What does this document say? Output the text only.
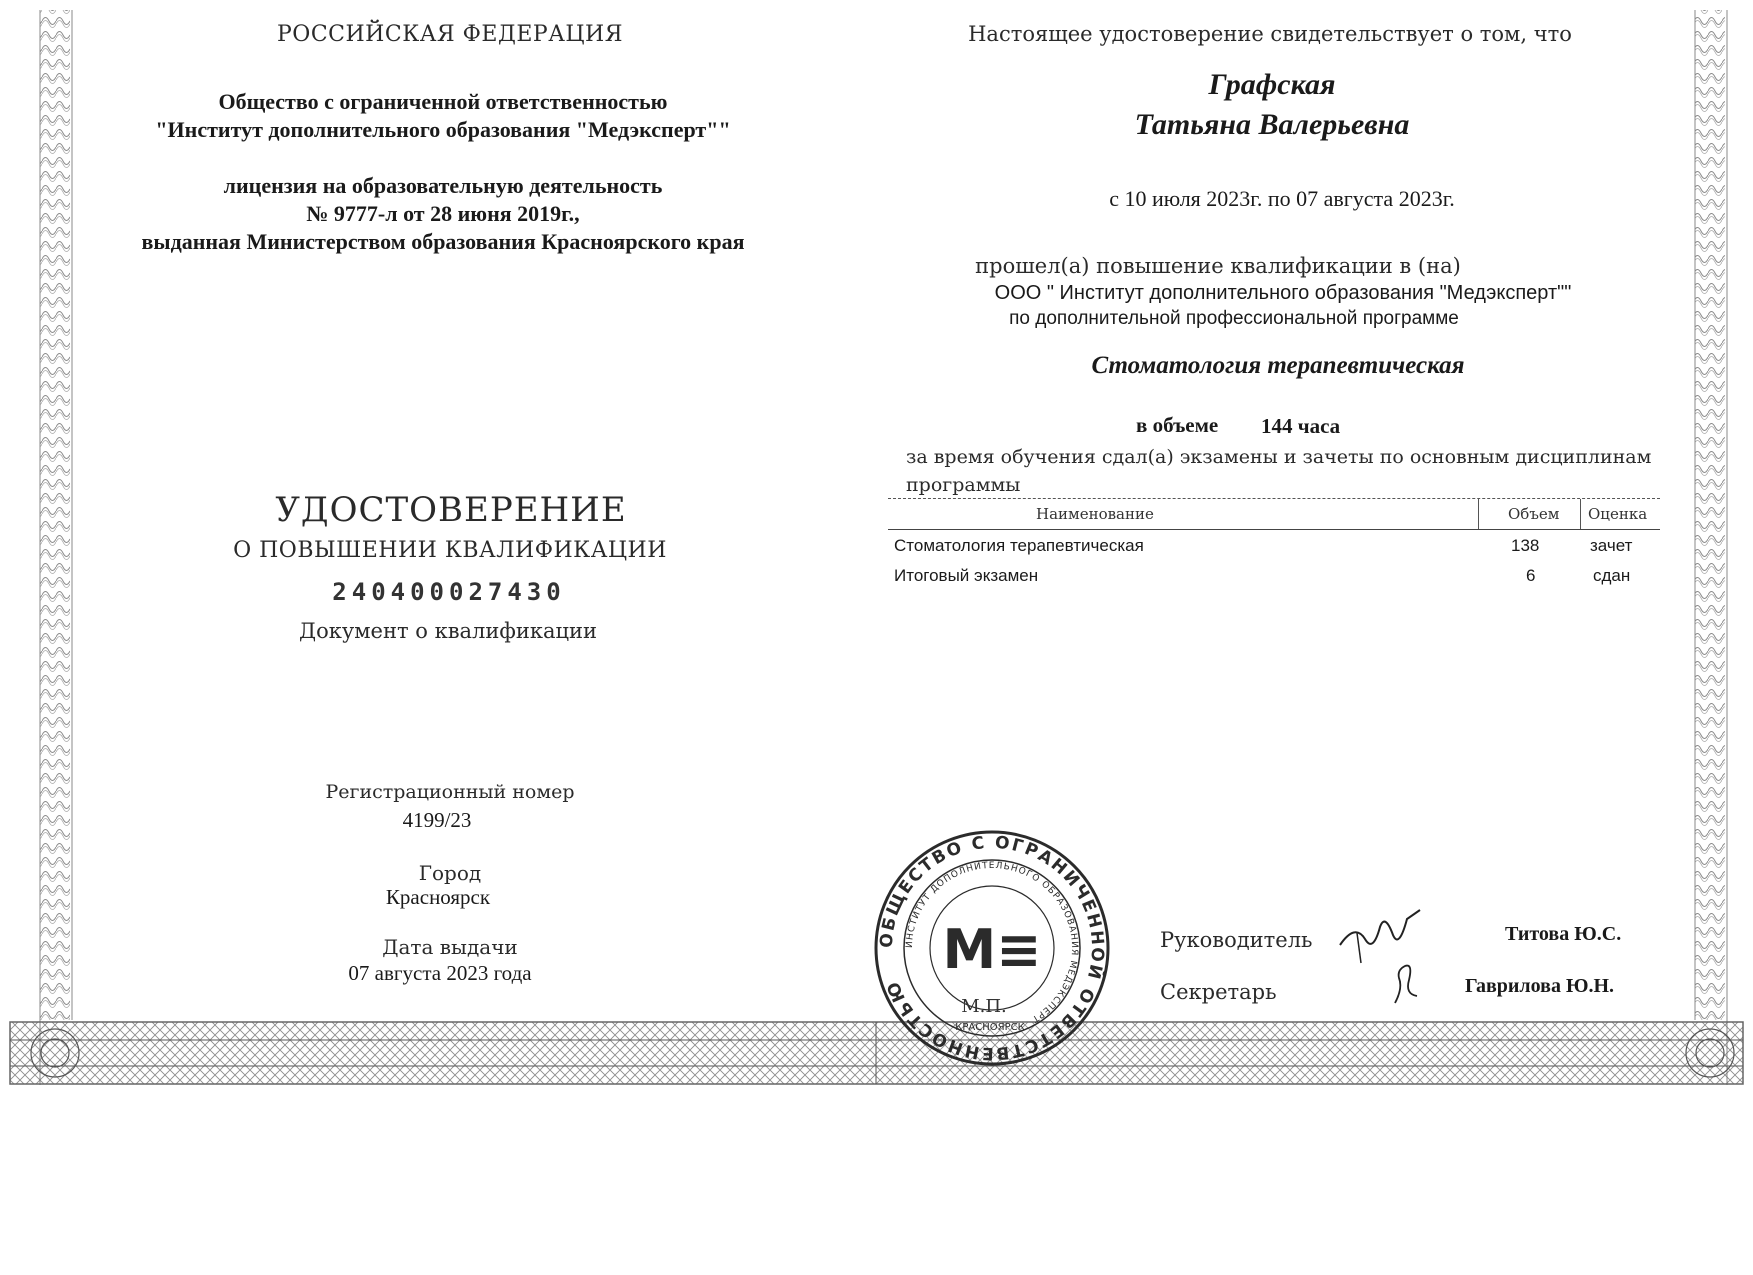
РОССИЙСКАЯ ФЕДЕРАЦИЯ
Общество с ограниченной ответственностью
"Институт дополнительного образования "Медэксперт""
лицензия на образовательную деятельность
№ 9777-л от 28 июня 2019г.,
выданная Министерством образования Красноярского края
УДОСТОВЕРЕНИЕ
О ПОВЫШЕНИИ КВАЛИФИКАЦИИ
240400027430
Документ о квалификации
Регистрационный номер
4199/23
Город
Красноярск
Дата выдачи
07 августа 2023 года
Настоящее удостоверение свидетельствует о том, что
Графская
Татьяна Валерьевна
с 10 июля 2023г. по 07 августа 2023г.
прошел(а) повышение квалификации в (на)
ООО " Институт дополнительного образования "Медэксперт""
по дополнительной профессиональной программе
Стоматология терапевтическая
в объеме 144 часа
за время обучения сдал(а) экзамены и зачеты по основным дисциплинам
программы
Наименование	Объем Оценка
Стоматология терапевтическая	138	зачет
Итоговый экзамен	6	сдан
ОБЩЕСТВО С ОГРАНИЧЕННОЙ ОТВЕТСТВЕННОСТЬЮ
ИНСТИТУТ ДОПОЛНИТЕЛЬНОГО ОБРАЗОВАНИЯ МЕДЭКСПЕРТ
M≡
М.П.
КРАСНОЯРСК
Руководитель	Титова Ю.С.
Секретарь	Гаврилова Ю.Н.
